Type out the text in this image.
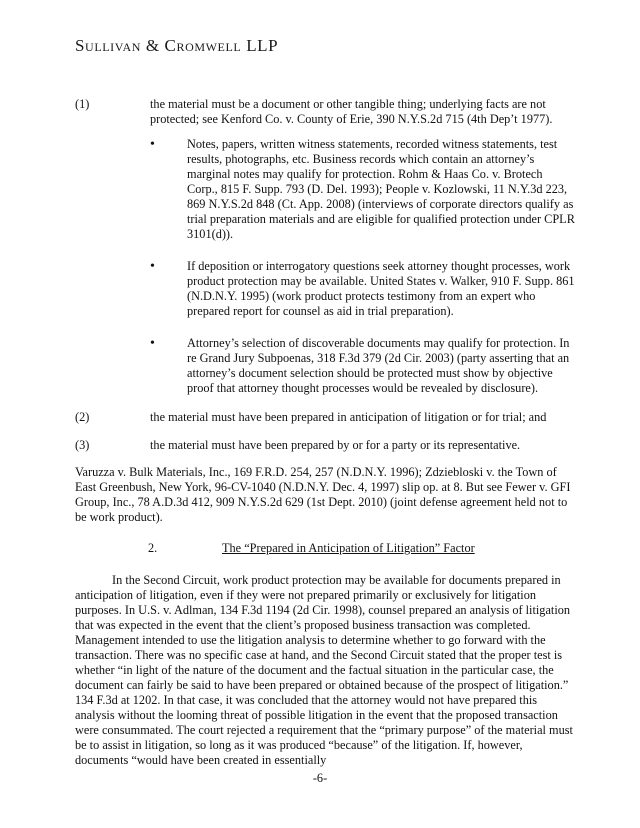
Sullivan & Cromwell LLP
(1)	the material must be a document or other tangible thing; underlying facts are not protected; see Kenford Co. v. County of Erie, 390 N.Y.S.2d 715 (4th Dep’t 1977).
•	Notes, papers, written witness statements, recorded witness statements, test results, photographs, etc. Business records which contain an attorney’s marginal notes may qualify for protection. Rohm & Haas Co. v. Brotech Corp., 815 F. Supp. 793 (D. Del. 1993); People v. Kozlowski, 11 N.Y.3d 223, 869 N.Y.S.2d 848 (Ct. App. 2008) (interviews of corporate directors qualify as trial preparation materials and are eligible for qualified protection under CPLR 3101(d)).
•	If deposition or interrogatory questions seek attorney thought processes, work product protection may be available. United States v. Walker, 910 F. Supp. 861 (N.D.N.Y. 1995) (work product protects testimony from an expert who prepared report for counsel as aid in trial preparation).
•	Attorney’s selection of discoverable documents may qualify for protection. In re Grand Jury Subpoenas, 318 F.3d 379 (2d Cir. 2003) (party asserting that an attorney’s document selection should be protected must show by objective proof that attorney thought processes would be revealed by disclosure).
(2)	the material must have been prepared in anticipation of litigation or for trial; and
(3)	the material must have been prepared by or for a party or its representative.
Varuzza v. Bulk Materials, Inc., 169 F.R.D. 254, 257 (N.D.N.Y. 1996); Zdziebloski v. the Town of East Greenbush, New York, 96-CV-1040 (N.D.N.Y. Dec. 4, 1997) slip op. at 8. But see Fewer v. GFI Group, Inc., 78 A.D.3d 412, 909 N.Y.S.2d 629 (1st Dept. 2010) (joint defense agreement held not to be work product).
2.	The “Prepared in Anticipation of Litigation” Factor
In the Second Circuit, work product protection may be available for documents prepared in anticipation of litigation, even if they were not prepared primarily or exclusively for litigation purposes. In U.S. v. Adlman, 134 F.3d 1194 (2d Cir. 1998), counsel prepared an analysis of litigation that was expected in the event that the client’s proposed business transaction was completed. Management intended to use the litigation analysis to determine whether to go forward with the transaction. There was no specific case at hand, and the Second Circuit stated that the proper test is whether “in light of the nature of the document and the factual situation in the particular case, the document can fairly be said to have been prepared or obtained because of the prospect of litigation.” 134 F.3d at 1202. In that case, it was concluded that the attorney would not have prepared this analysis without the looming threat of possible litigation in the event that the proposed transaction were consummated. The court rejected a requirement that the “primary purpose” of the material must be to assist in litigation, so long as it was produced “because” of the litigation. If, however, documents “would have been created in essentially
-6-
